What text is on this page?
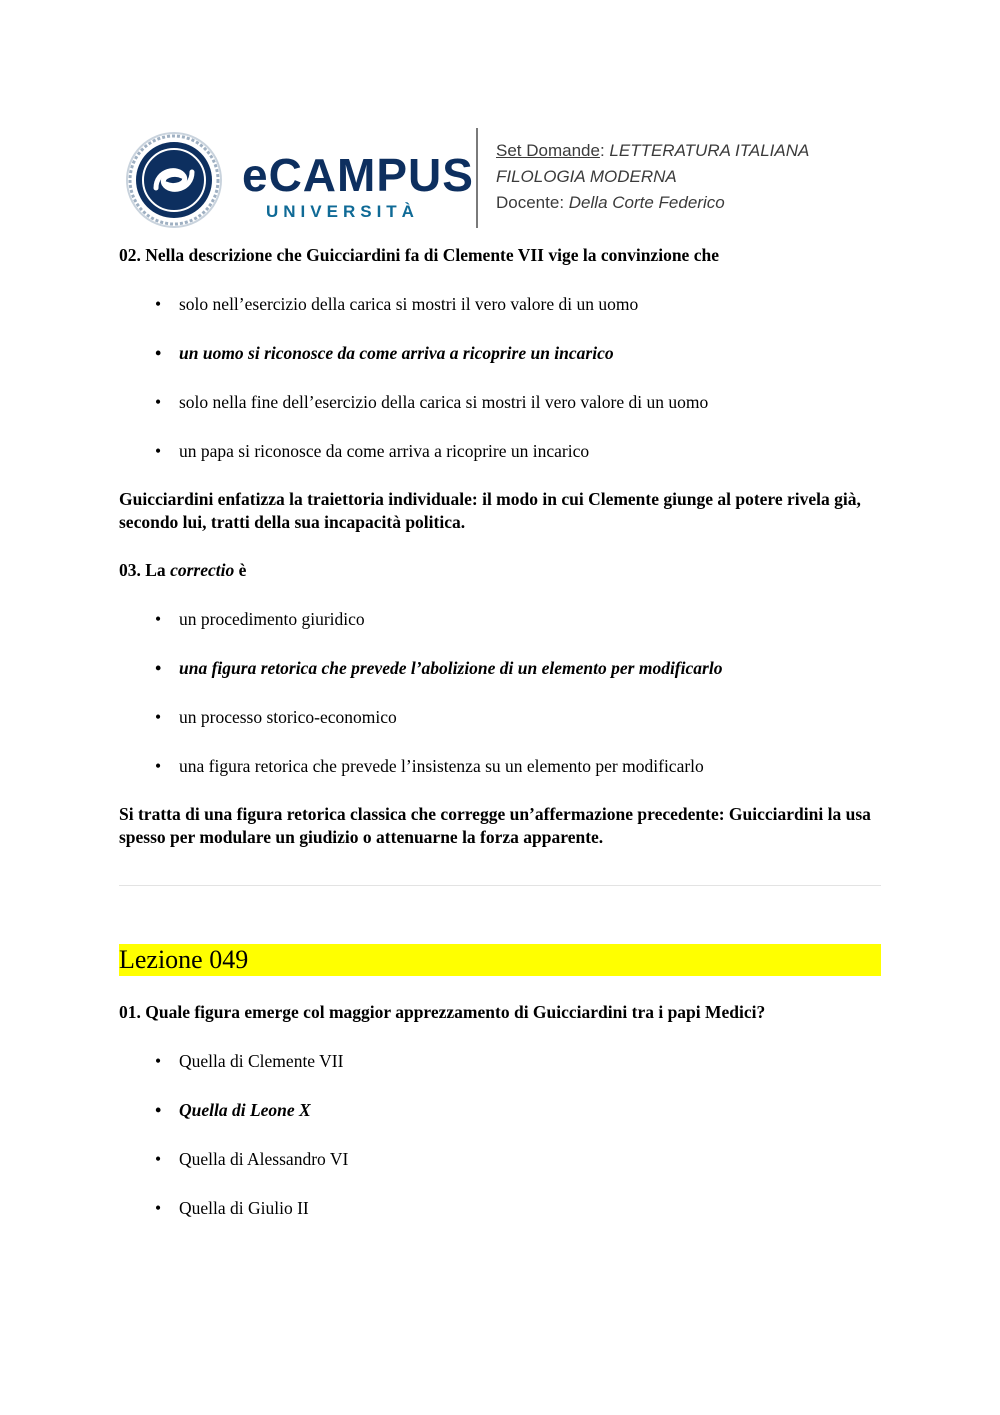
eCAMPUS
UNIVERSITÀ
Set Domande: LETTERATURA ITALIANA
FILOLOGIA MODERNA
Docente: Della Corte Federico

02. Nella descrizione che Guicciardini fa di Clemente VII vige la convinzione che

• solo nell’esercizio della carica si mostri il vero valore di un uomo
• un uomo si riconosce da come arriva a ricoprire un incarico
• solo nella fine dell’esercizio della carica si mostri il vero valore di un uomo
• un papa si riconosce da come arriva a ricoprire un incarico

Guicciardini enfatizza la traiettoria individuale: il modo in cui Clemente giunge al potere rivela già, secondo lui, tratti della sua incapacità politica.

03. La correctio è

• un procedimento giuridico
• una figura retorica che prevede l’abolizione di un elemento per modificarlo
• un processo storico-economico
• una figura retorica che prevede l’insistenza su un elemento per modificarlo

Si tratta di una figura retorica classica che corregge un’affermazione precedente: Guicciardini la usa spesso per modulare un giudizio o attenuarne la forza apparente.

Lezione 049

01. Quale figura emerge col maggior apprezzamento di Guicciardini tra i papi Medici?

• Quella di Clemente VII
• Quella di Leone X
• Quella di Alessandro VI
• Quella di Giulio II
